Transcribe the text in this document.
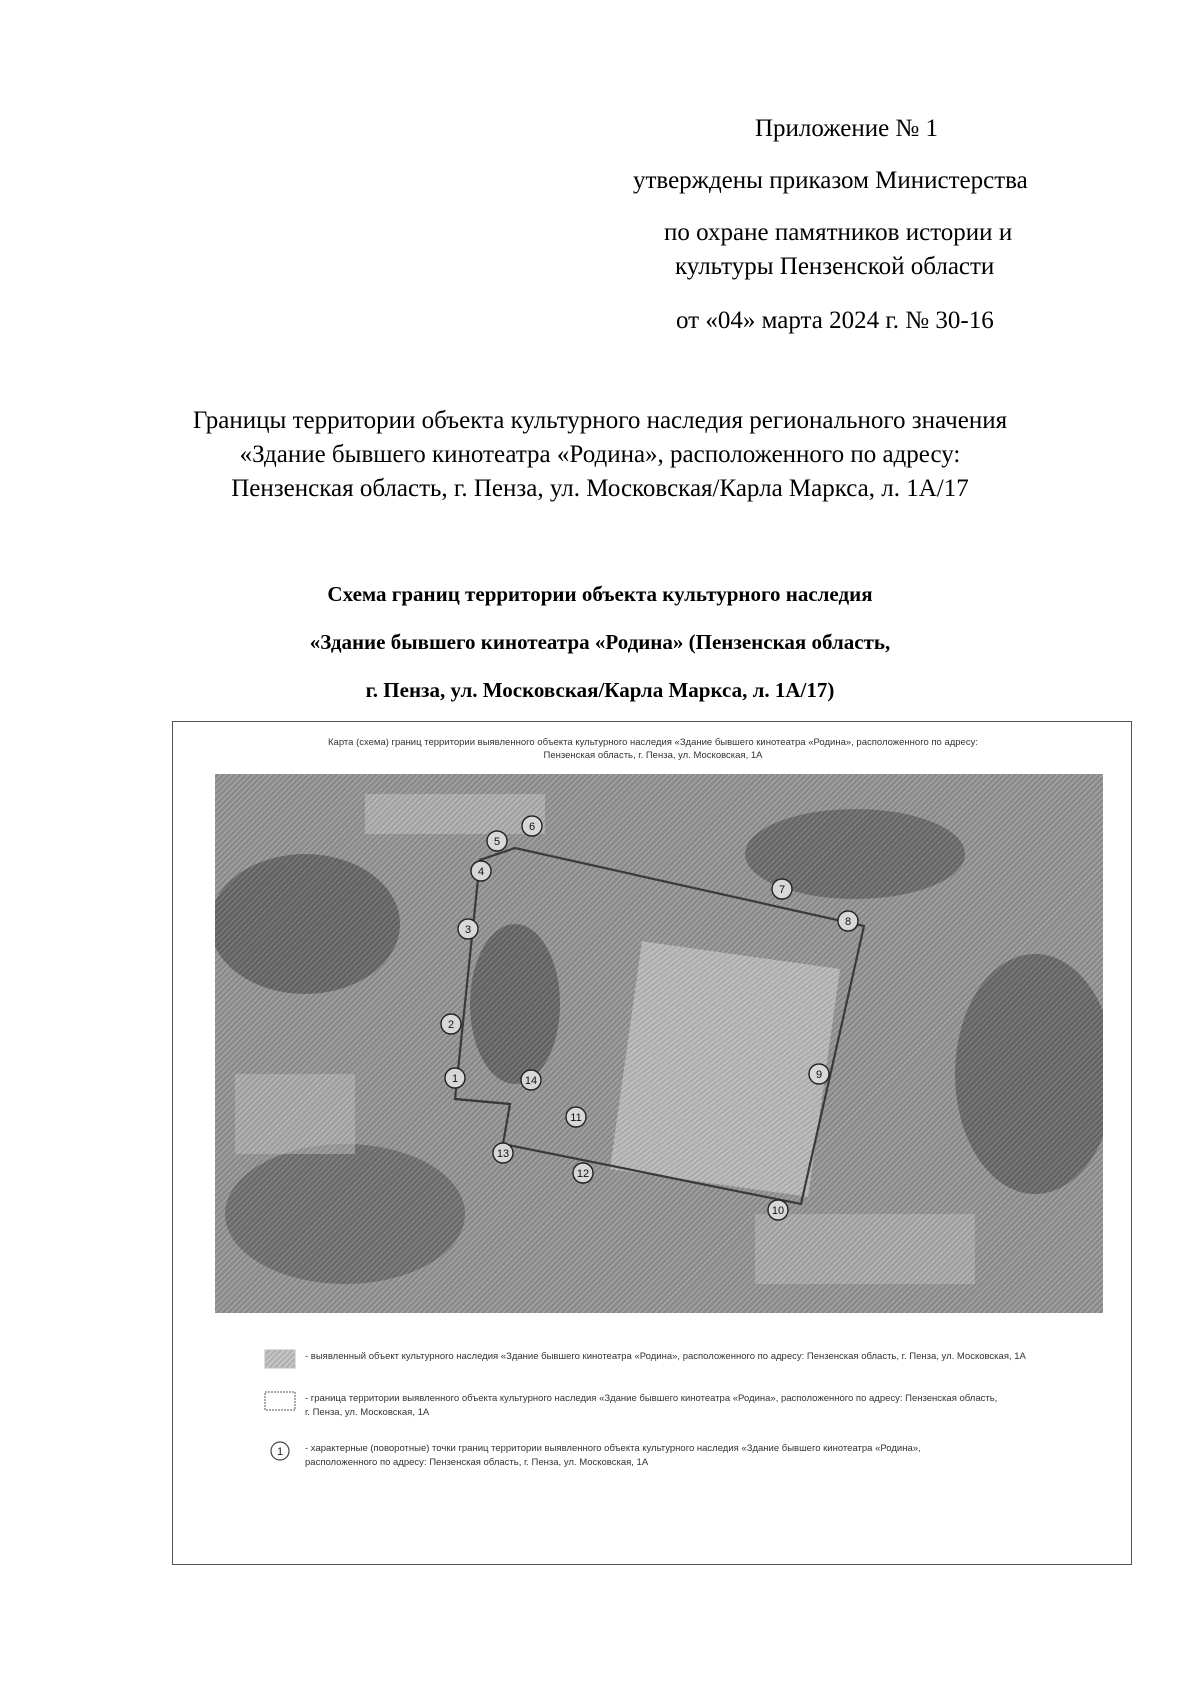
Приложение № 1
утверждены приказом Министерства
по охране памятников истории и
культуры Пензенской области
от «04» марта 2024 г. № 30-16
Границы территории объекта культурного наследия регионального значения
«Здание бывшего кинотеатра «Родина», расположенного по адресу:
Пензенская область, г. Пенза, ул. Московская/Карла Маркса, л. 1А/17
Схема границ территории объекта культурного наследия
«Здание бывшего кинотеатра «Родина» (Пензенская область,
г. Пенза, ул. Московская/Карла Маркса, л. 1А/17)
Карта (схема) границ территории выявленного объекта культурного наследия «Здание бывшего кинотеатра «Родина», расположенного по адресу:
Пензенская область, г. Пенза, ул. Московская, 1А
1
2
3
4
5
6
7
8
9
10
11
12
13
14
- выявленный объект культурного наследия «Здание бывшего кинотеатра «Родина», расположенного по адресу: Пензенская область, г. Пенза, ул. Московская, 1А
- граница территории выявленного объекта культурного наследия «Здание бывшего кинотеатра «Родина», расположенного по адресу: Пензенская область,
г. Пенза, ул. Московская, 1А
1 - характерные (поворотные) точки границ территории выявленного объекта культурного наследия «Здание бывшего кинотеатра «Родина»,
расположенного по адресу: Пензенская область, г. Пенза, ул. Московская, 1А
